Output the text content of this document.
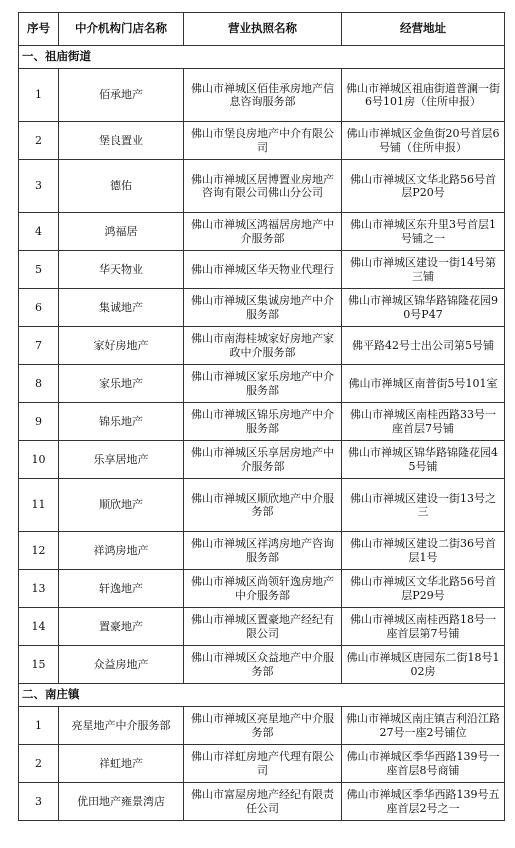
序号	中介机构门店名称	营业执照名称	经营地址
一、祖庙街道			
1	佰承地产	佛山市禅城区佰佳承房地产信息咨询服务部	佛山市禅城区祖庙街道普澜一街6号101房（住所申报）
2	堡良置业	佛山市堡良房地产中介有限公司	佛山市禅城区金鱼街20号首层6号铺（住所申报）
3	德佑	佛山市禅城区居博置业房地产咨询有限公司佛山分公司	佛山市禅城区文华北路56号首层P20号
4	鸿福居	佛山市禅城区鸿福居房地产中介服务部	佛山市禅城区东升里3号首层1号铺之一
5	华天物业	佛山市禅城区华天物业代理行	佛山市禅城区建设一街14号第三铺
6	集诚地产	佛山市禅城区集诚房地产中介服务部	佛山市禅城区锦华路锦隆花园90号P47
7	家好房地产	佛山市南海桂城家好房地产家政中介服务部	佛平路42号士出公司第5号铺
8	家乐地产	佛山市禅城区家乐房地产中介服务部	佛山市禅城区南普街5号101室
9	锦乐地产	佛山市禅城区锦乐房地产中介服务部	佛山市禅城区南桂西路33号一座首层7号铺
10	乐享居地产	佛山市禅城区乐享居房地产中介服务部	佛山市禅城区锦华路锦隆花园45号铺
11	顺欣地产	佛山市禅城区顺欣地产中介服务部	佛山市禅城区建设一街13号之三
12	祥鸿房地产	佛山市禅城区祥鸿房地产咨询服务部	佛山市禅城区建设二街36号首层1号
13	轩逸地产	佛山市禅城区尚领轩逸房地产中介服务部	佛山市禅城区文华北路56号首层P29号
14	置豪地产	佛山市禅城区置豪地产经纪有限公司	佛山市禅城区南桂西路18号一座首层第7号铺
15	众益房地产	佛山市禅城区众益地产中介服务部	佛山市禅城区唐园东二街18号102房
二、南庄镇			
1	亮星地产中介服务部	佛山市禅城区亮星地产中介服务部	佛山市禅城区南庄镇吉利沿江路27号一座2号铺位
2	祥虹地产	佛山市祥虹房地产代理有限公司	佛山市禅城区季华西路139号一座首层8号商铺
3	优田地产雍景湾店	佛山市富屋房地产经纪有限责任公司	佛山市禅城区季华西路139号五座首层2号之一
